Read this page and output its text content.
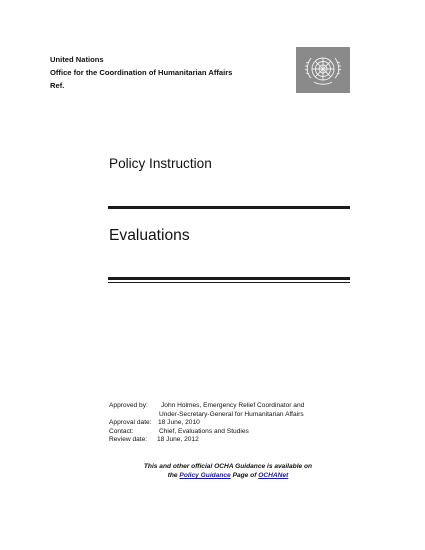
United Nations
Office for the Coordination of Humanitarian Affairs
Ref.
Policy Instruction
Evaluations
Approved by:	John Holmes, Emergency Relief Coordinator and
Under-Secretary-General for Humanitarian Affairs
Approval date: 18 June, 2010
Contact:	Chief, Evaluations and Studies
Review date:	18 June, 2012
This and other official OCHA Guidance is available on
the Policy Guidance Page of OCHANet
